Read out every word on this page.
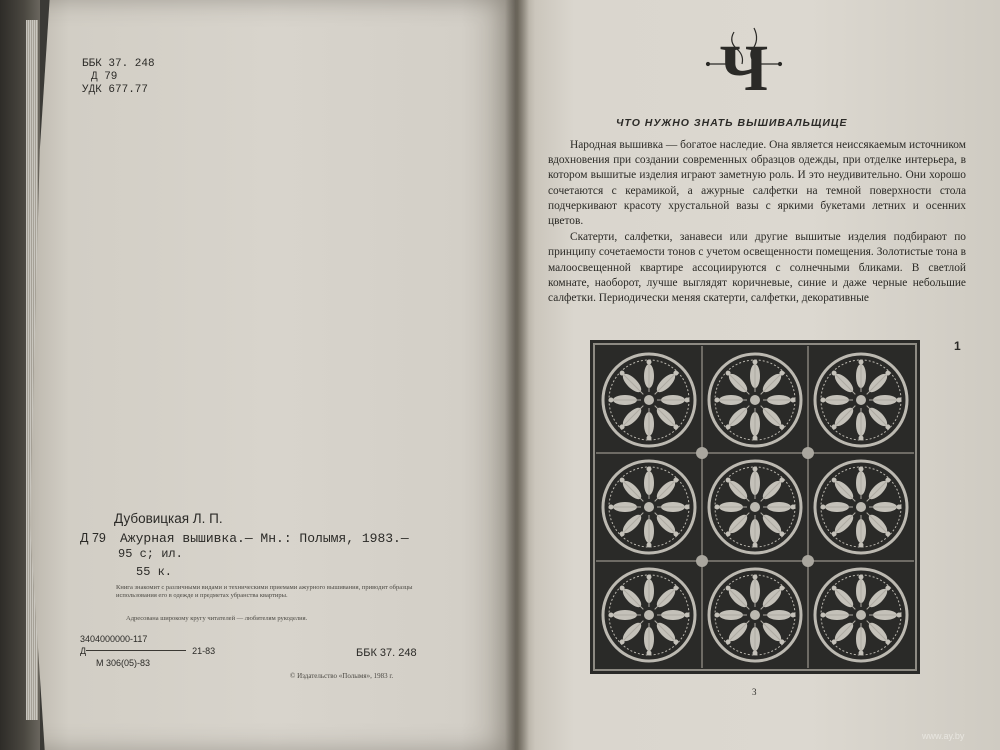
ББК 37. 248
Д 79
УДК 677.77
Дубовицкая Л. П.
Д 79 Ажурная вышивка.— Мн.: Полымя, 1983.—
95 с; ил.
55 к.
Книга знакомит с различными видами и техническими приемами ажурного вышивания, приводит образцы использования его в одежде и предметах убранства квартиры.
Адресована широкому кругу читателей — любителям рукоделия.
3404000000-117
Д	21-83
М 306(05)-83
ББК 37. 248
© Издательство «Полымя», 1983 г.
Ч
ЧТО НУЖНО ЗНАТЬ ВЫШИВАЛЬЩИЦЕ

Народная вышивка — богатое наследие. Она является неиссякаемым источником вдохновения при создании современных образцов одежды, при отделке интерьера, в котором вышитые изделия играют заметную роль. И это неудивительно. Они хорошо сочетаются с керамикой, а ажурные салфетки на темной поверхности стола подчеркивают красоту хрустальной вазы с яркими букетами летних и осенних цветов.

Скатерти, салфетки, занавеси или другие вышитые изделия подбирают по принципу сочетаемости тонов с учетом освещенности помещения. Золотистые тона в малоосвещенной квартире ассоциируются с солнечными бликами. В светлой комнате, наоборот, лучше выглядят коричневые, синие и даже черные небольшие салфетки. Периодически меняя скатерти, салфетки, декоративные

1
3
www.ay.by
